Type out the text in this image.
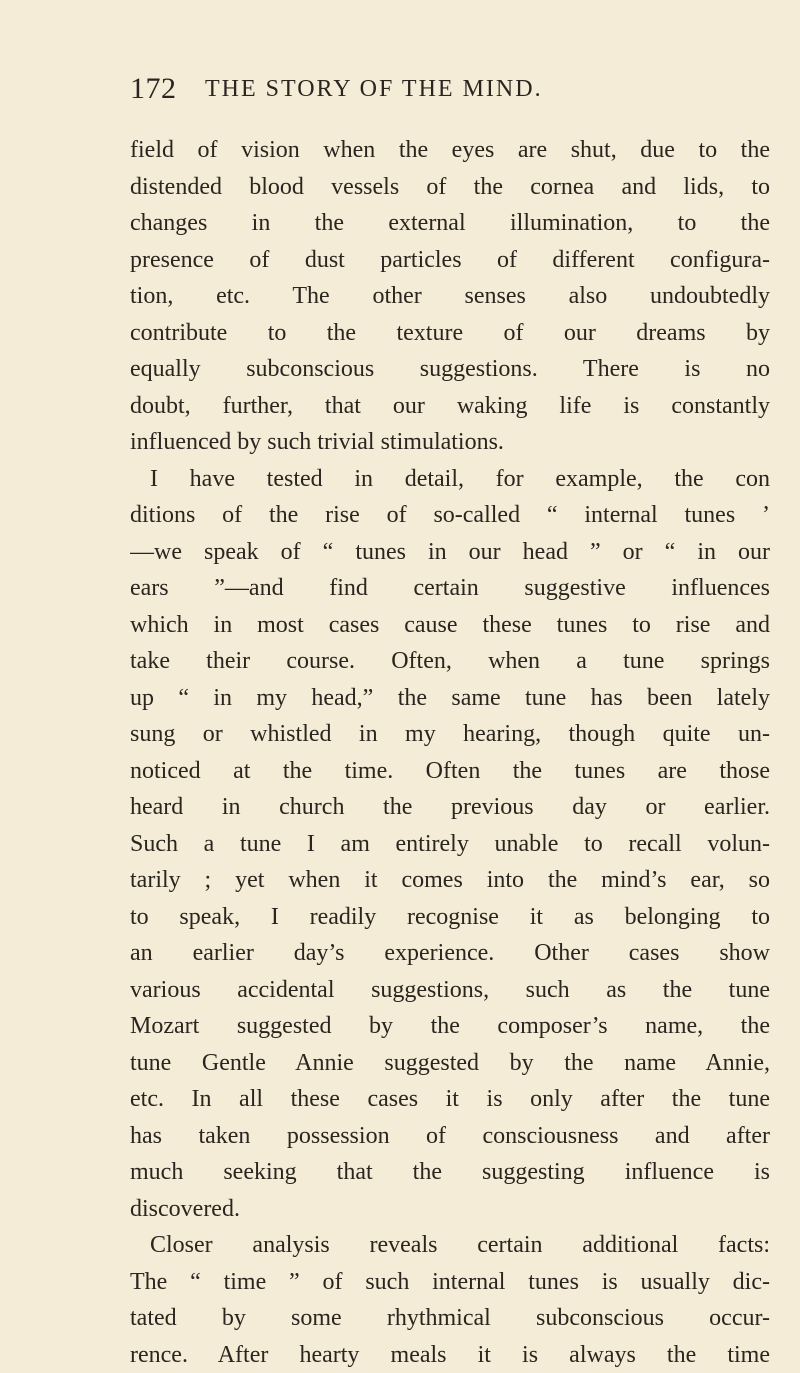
172 THE STORY OF THE MIND.
field of vision when the eyes are shut, due to the
distended blood vessels of the cornea and lids, to
changes in the external illumination, to the
presence of dust particles of different configura-
tion, etc. The other senses also undoubtedly
contribute to the texture of our dreams by
equally subconscious suggestions. There is no
doubt, further, that our waking life is constantly
influenced by such trivial stimulations.
I have tested in detail, for example, the con
ditions of the rise of so-called “ internal tunes ’
—we speak of “ tunes in our head ” or “ in our
ears ”—and find certain suggestive influences
which in most cases cause these tunes to rise and
take their course. Often, when a tune springs
up “ in my head,” the same tune has been lately
sung or whistled in my hearing, though quite un-
noticed at the time. Often the tunes are those
heard in church the previous day or earlier.
Such a tune I am entirely unable to recall volun-
tarily ; yet when it comes into the mind’s ear, so
to speak, I readily recognise it as belonging to
an earlier day’s experience. Other cases show
various accidental suggestions, such as the tune
Mozart suggested by the composer’s name, the
tune Gentle Annie suggested by the name Annie,
etc. In all these cases it is only after the tune
has taken possession of consciousness and after
much seeking that the suggesting influence is
discovered.
Closer analysis reveals certain additional facts:
The “ time ” of such internal tunes is usually dic-
tated by some rhythmical subconscious occur-
rence. After hearty meals it is always the time
